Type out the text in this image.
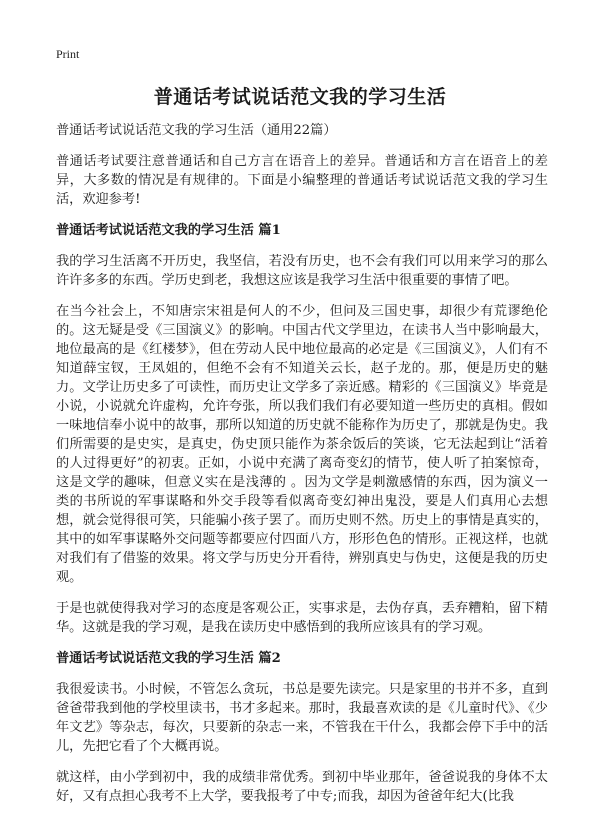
Print
普通话考试说话范文我的学习生活

普通话考试说话范文我的学习生活（通用22篇）

普通话考试要注意普通话和自己方言在语音上的差异。普通话和方言在语音上的差异，大多数的情况是有规律的。下面是小编整理的普通话考试说话范文我的学习生活，欢迎参考!

普通话考试说话范文我的学习生活 篇1

我的学习生活离不开历史，我坚信，若没有历史，也不会有我们可以用来学习的那么许许多多的东西。学历史到老，我想这应该是我学习生活中很重要的事情了吧。

在当今社会上，不知唐宗宋祖是何人的不少，但问及三国史事，却很少有荒谬绝伦的。这无疑是受《三国演义》的影响。中国古代文学里边，在读书人当中影响最大，地位最高的是《红楼梦》，但在劳动人民中地位最高的必定是《三国演义》，人们有不知道薛宝钗，王凤姐的，但绝不会有不知道关云长，赵子龙的。那，便是历史的魅力。文学让历史多了可读性，而历史让文学多了亲近感。精彩的《三国演义》毕竟是小说，小说就允许虚构，允许夸张，所以我们我们有必要知道一些历史的真相。假如一味地信奉小说中的故事，那所以知道的历史就不能称作为历史了，那就是伪史。我们所需要的是史实，是真史，伪史顶只能作为茶余饭后的笑谈，它无法起到让“活着的人过得更好”的初衷。正如，小说中充满了离奇变幻的情节，使人听了拍案惊奇，这是文学的趣味，但意义实在是浅薄的 。因为文学是刺激感情的东西，因为演义一类的书所说的军事谋略和外交手段等看似离奇变幻神出鬼没，要是人们真用心去想想，就会觉得很可笑，只能骗小孩子罢了。而历史则不然。历史上的事情是真实的，其中的如军事谋略外交问题等都要应付四面八方，形形色色的情形。正视这样，也就对我们有了借鉴的效果。将文学与历史分开看待，辨别真史与伪史，这便是我的历史观。

于是也就使得我对学习的态度是客观公正，实事求是，去伪存真，丢弃糟粕，留下精华。这就是我的学习观，是我在读历史中感悟到的我所应该具有的学习观。

普通话考试说话范文我的学习生活 篇2

我很爱读书。小时候，不管怎么贪玩，书总是要先读完。只是家里的书并不多，直到爸爸带我到他的学校里读书，书才多起来。那时，我最喜欢读的是《儿童时代》、《少年文艺》等杂志，每次，只要新的杂志一来，不管我在干什么，我都会停下手中的活儿，先把它看了个大概再说。

就这样，由小学到初中，我的成绩非常优秀。到初中毕业那年，爸爸说我的身体不太好，又有点担心我考不上大学，要我报考了中专;而我，却因为爸爸年纪大(比我
